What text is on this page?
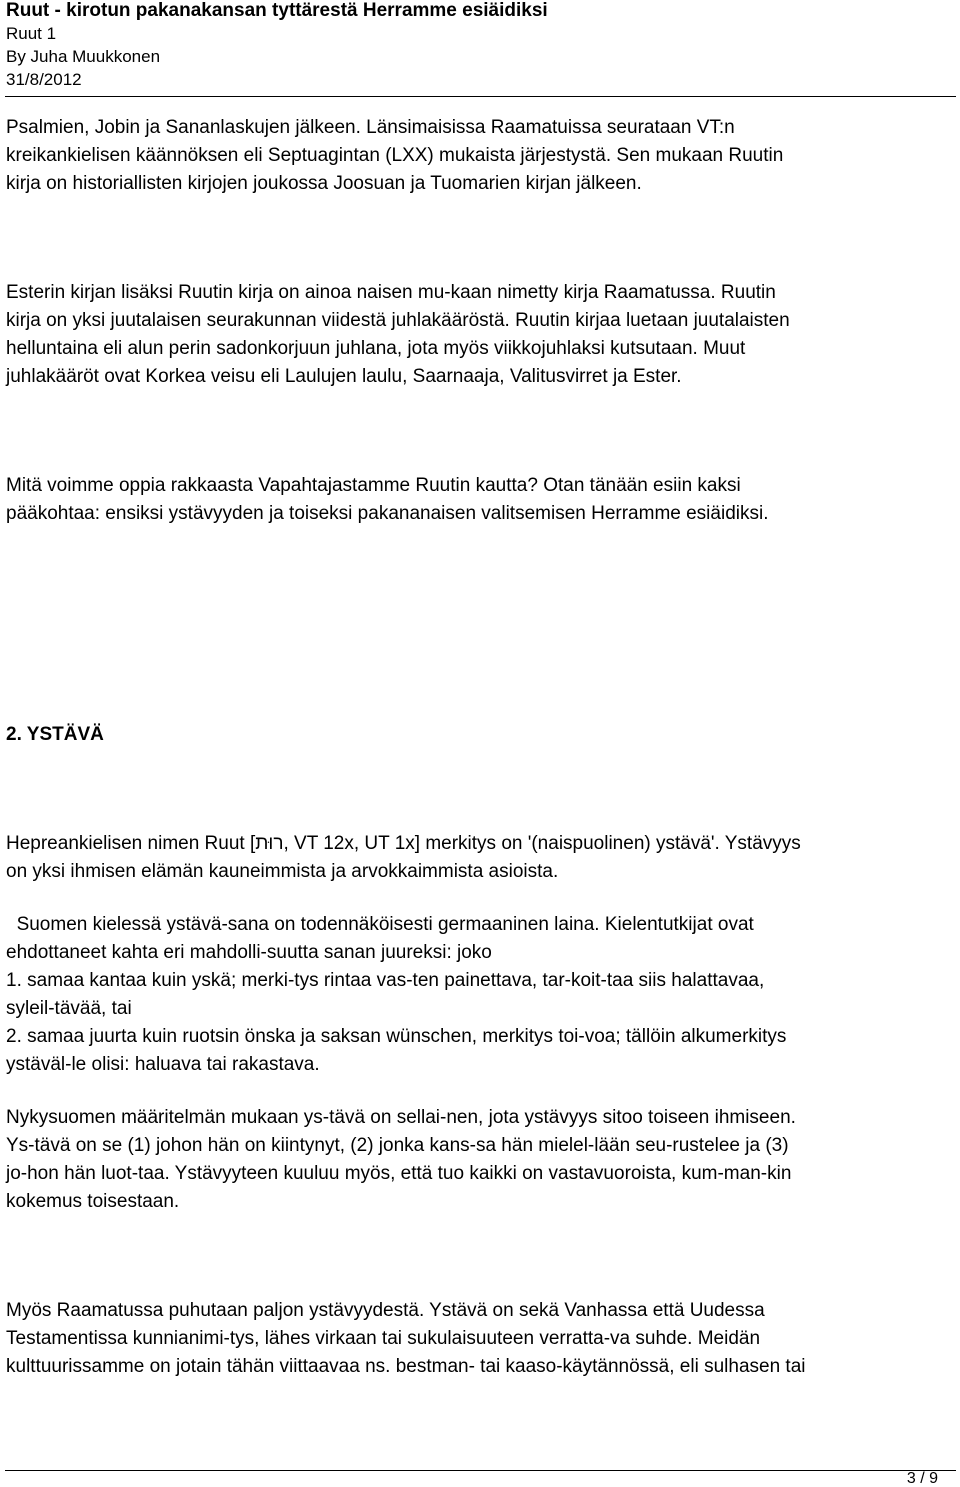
Ruut - kirotun pakanakansan tyttärestä Herramme esiäidiksi
Ruut 1
By Juha Muukkonen
31/8/2012

Psalmien, Jobin ja Sananlaskujen jälkeen. Länsimaisissa Raamatuissa seurataan VT:n
kreikankielisen käännöksen eli Septuagintan (LXX) mukaista järjestystä. Sen mukaan Ruutin
kirja on historiallisten kirjojen joukossa Joosuan ja Tuomarien kirjan jälkeen.

Esterin kirjan lisäksi Ruutin kirja on ainoa naisen mu-kaan nimetty kirja Raamatussa. Ruutin
kirja on yksi juutalaisen seurakunnan viidestä juhlakääröstä. Ruutin kirjaa luetaan juutalaisten
helluntaina eli alun perin sadonkorjuun juhlana, jota myös viikkojuhlaksi kutsutaan. Muut
juhlakääröt ovat Korkea veisu eli Laulujen laulu, Saarnaaja, Valitusvirret ja Ester.

Mitä voimme oppia rakkaasta Vapahtajastamme Ruutin kautta? Otan tänään esiin kaksi
pääkohtaa: ensiksi ystävyyden ja toiseksi pakananaisen valitsemisen Herramme esiäidiksi.

2. YSTÄVÄ

Hepreankielisen nimen Ruut [רוּת, VT 12x, UT 1x] merkitys on '(naispuolinen) ystävä'. Ystävyys
on yksi ihmisen elämän kauneimmista ja arvokkaimmista asioista.

Suomen kielessä ystävä-sana on todennäköisesti germaaninen laina. Kielentutkijat ovat
ehdottaneet kahta eri mahdolli-suutta sanan juureksi: joko
1. samaa kantaa kuin yskä; merki-tys rintaa vas-ten painettava, tar-koit-taa siis halattavaa,
syleil-tävää, tai
2. samaa juurta kuin ruotsin önska ja saksan wünschen, merkitys toi-voa; tällöin alkumerkitys
ystäväl-le olisi: haluava tai rakastava.

Nykysuomen määritelmän mukaan ys-tävä on sellai-nen, jota ystävyys sitoo toiseen ihmiseen.
Ys-tävä on se (1) johon hän on kiintynyt, (2) jonka kans-sa hän mielel-lään seu-rustelee ja (3)
jo-hon hän luot-taa. Ystävyyteen kuuluu myös, että tuo kaikki on vastavuoroista, kum-man-kin
kokemus toisestaan.

Myös Raamatussa puhutaan paljon ystävyydestä. Ystävä on sekä Vanhassa että Uudessa
Testamentissa kunnianimi-tys, lähes virkaan tai sukulaisuuteen verratta-va suhde. Meidän
kulttuurissamme on jotain tähän viittaavaa ns. bestman- tai kaaso-käytännössä, eli sulhasen tai

3 / 9
